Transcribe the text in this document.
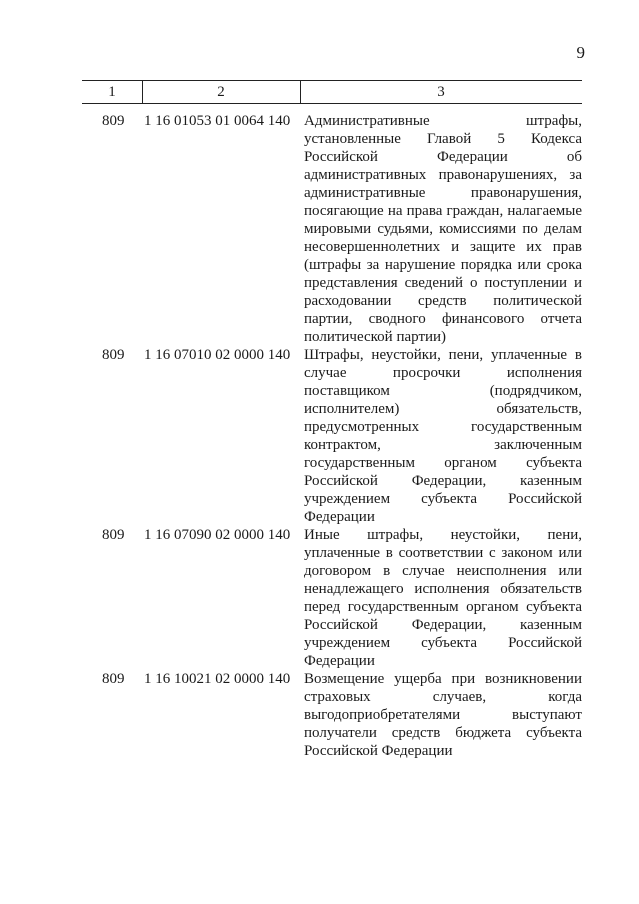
9
1	2	3
809 1 16 01053 01 0064 140 Административные штрафы, установленные Главой 5 Кодекса Российской Федерации об административных правонарушениях, за административные правонарушения, посягающие на права граждан, налагаемые мировыми судьями, комиссиями по делам несовершеннолетних и защите их прав (штрафы за нарушение порядка или срока представления сведений о поступлении и расходовании средств политической партии, сводного финансового отчета политической партии)
809 1 16 07010 02 0000 140 Штрафы, неустойки, пени, уплаченные в случае просрочки исполнения поставщиком (подрядчиком, исполнителем) обязательств, предусмотренных государственным контрактом, заключенным государственным органом субъекта Российской Федерации, казенным учреждением субъекта Российской Федерации
809 1 16 07090 02 0000 140 Иные штрафы, неустойки, пени, уплаченные в соответствии с законом или договором в случае неисполнения или ненадлежащего исполнения обязательств перед государственным органом субъекта Российской Федерации, казенным учреждением субъекта Российской Федерации
809 1 16 10021 02 0000 140 Возмещение ущерба при возникновении страховых случаев, когда выгодоприобретателями выступают получатели средств бюджета субъекта Российской Федерации
